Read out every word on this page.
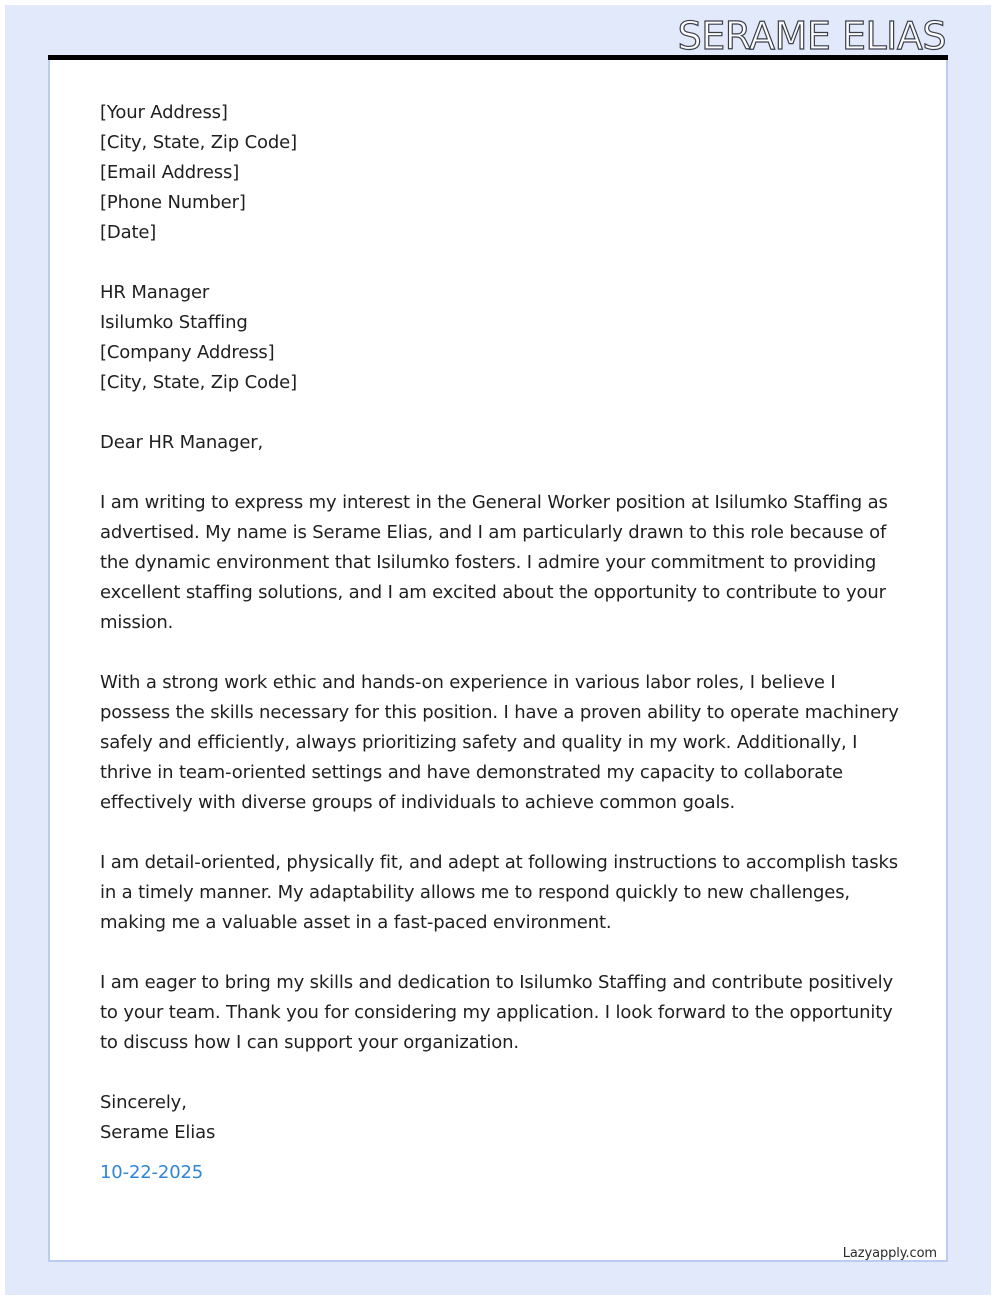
SERAME ELIAS
[Your Address]
[City, State, Zip Code]
[Email Address]
[Phone Number]
[Date]
HR Manager
Isilumko Staffing
[Company Address]
[City, State, Zip Code]
Dear HR Manager,
I am writing to express my interest in the General Worker position at Isilumko Staffing as advertised. My name is Serame Elias, and I am particularly drawn to this role because of the dynamic environment that Isilumko fosters. I admire your commitment to providing excellent staffing solutions, and I am excited about the opportunity to contribute to your mission.
With a strong work ethic and hands-on experience in various labor roles, I believe I possess the skills necessary for this position. I have a proven ability to operate machinery safely and efficiently, always prioritizing safety and quality in my work. Additionally, I thrive in team-oriented settings and have demonstrated my capacity to collaborate effectively with diverse groups of individuals to achieve common goals.
I am detail-oriented, physically fit, and adept at following instructions to accomplish tasks in a timely manner. My adaptability allows me to respond quickly to new challenges, making me a valuable asset in a fast-paced environment.
I am eager to bring my skills and dedication to Isilumko Staffing and contribute positively to your team. Thank you for considering my application. I look forward to the opportunity to discuss how I can support your organization.
Sincerely,
Serame Elias
10-22-2025
Lazyapply.com
